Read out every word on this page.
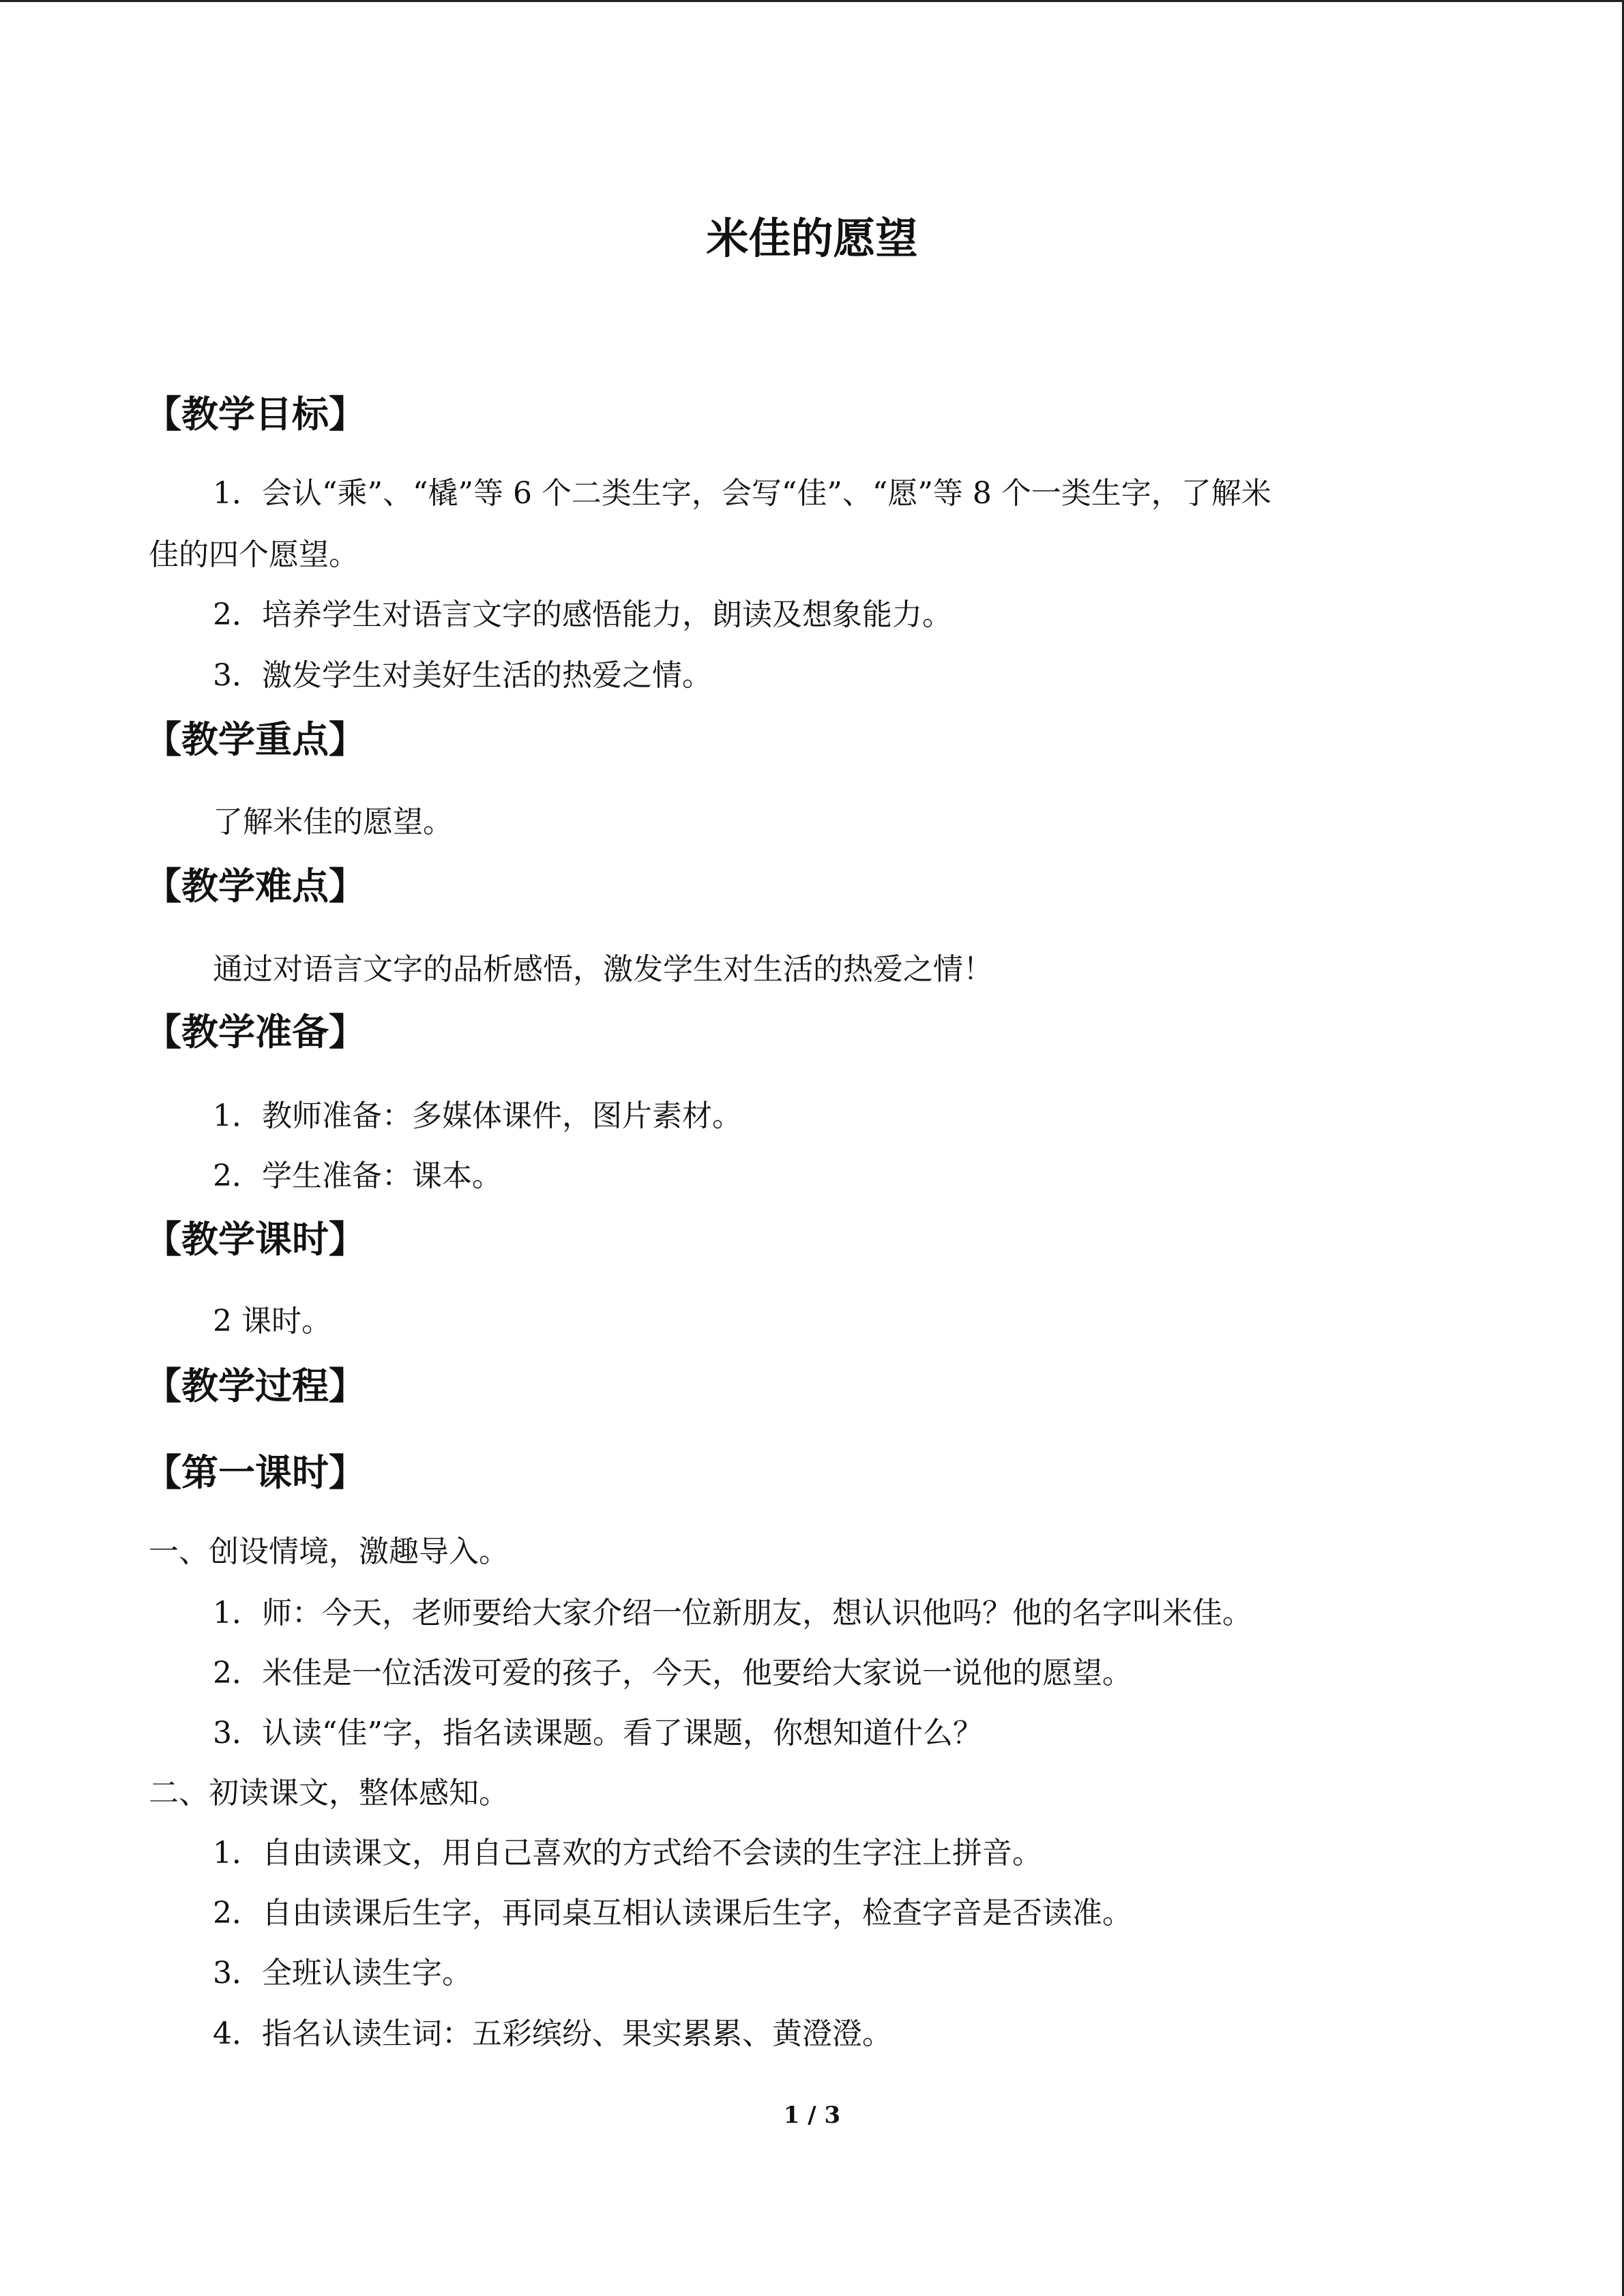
米佳的愿望
【教学目标】
1．会认“乘”、“橇”等 6 个二类生字，会写“佳”、“愿”等 8 个一类生字，了解米
佳的四个愿望。
2．培养学生对语言文字的感悟能力，朗读及想象能力。
3．激发学生对美好生活的热爱之情。
【教学重点】
了解米佳的愿望。
【教学难点】
通过对语言文字的品析感悟，激发学生对生活的热爱之情！
【教学准备】
1．教师准备：多媒体课件，图片素材。
2．学生准备：课本。
【教学课时】
2 课时。
【教学过程】
【第一课时】
一、创设情境，激趣导入。
1．师：今天，老师要给大家介绍一位新朋友，想认识他吗？他的名字叫米佳。
2．米佳是一位活泼可爱的孩子，今天，他要给大家说一说他的愿望。
3．认读“佳”字，指名读课题。看了课题，你想知道什么？
二、初读课文，整体感知。
1．自由读课文，用自己喜欢的方式给不会读的生字注上拼音。
2．自由读课后生字，再同桌互相认读课后生字，检查字音是否读准。
3．全班认读生字。
4．指名认读生词：五彩缤纷、果实累累、黄澄澄。
1 / 3
